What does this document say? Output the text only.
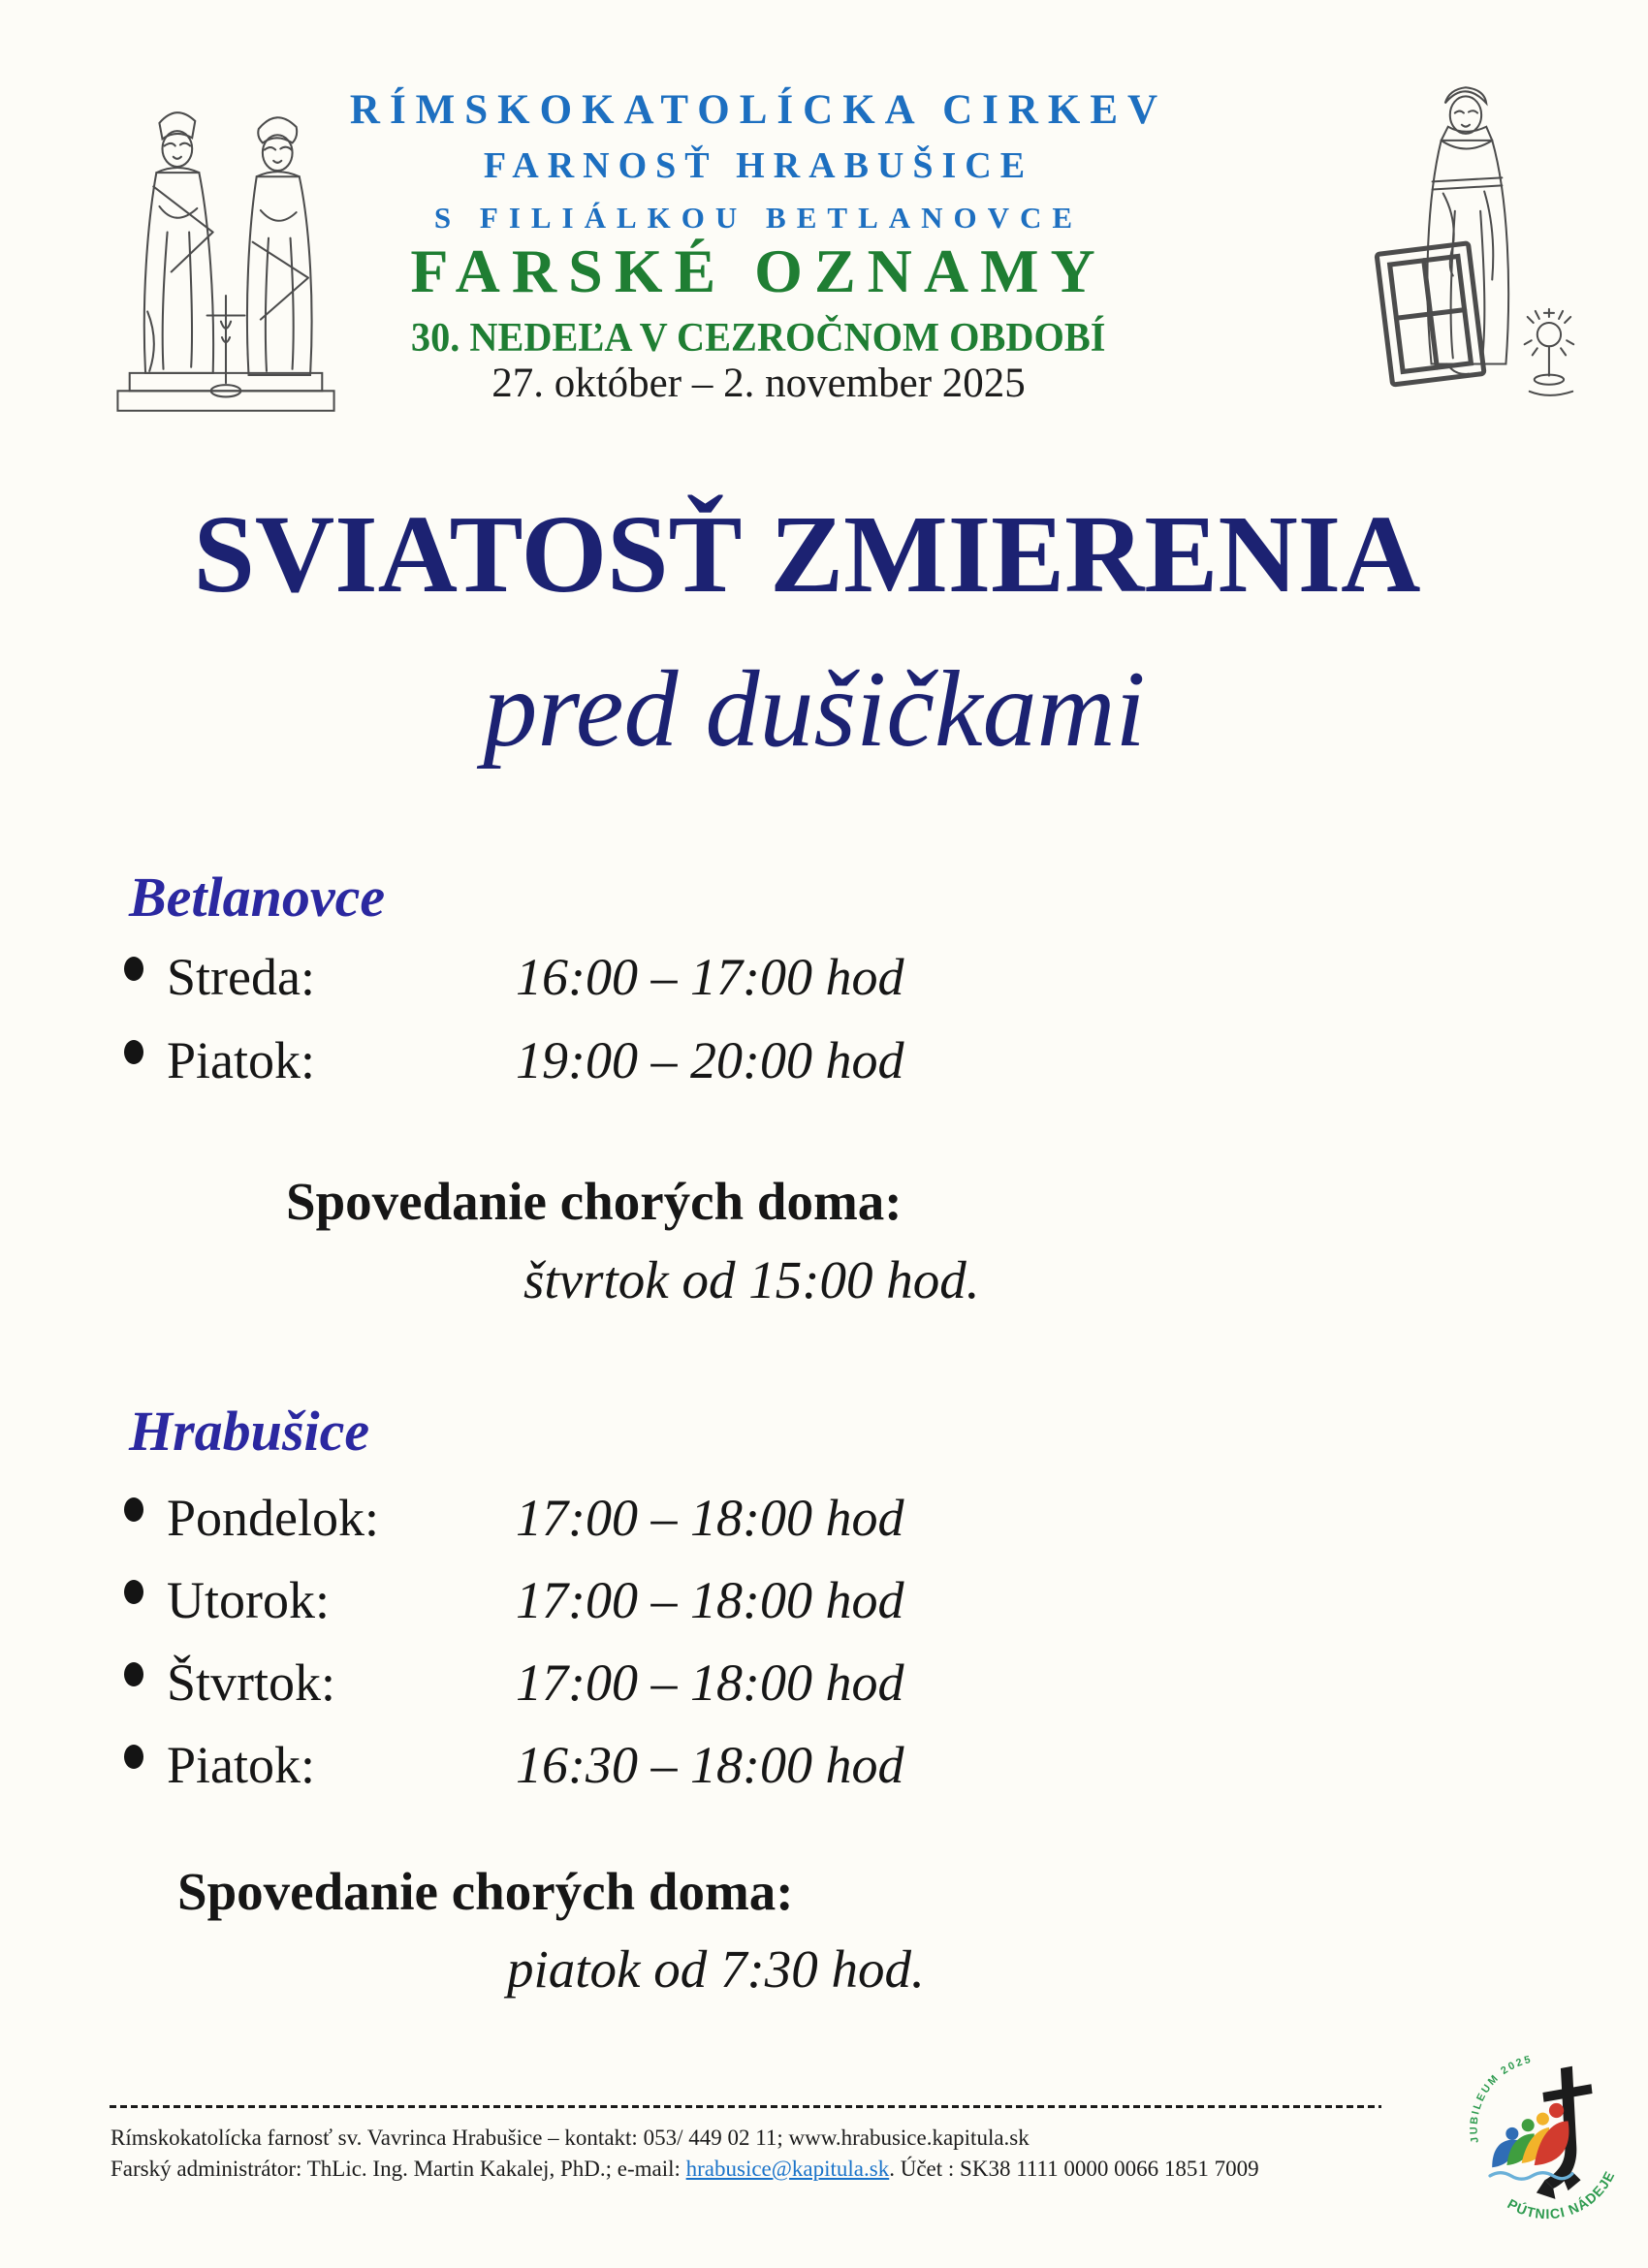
RÍMSKOKATOLÍCKA CIRKEV
FARNOSŤ HRABUŠICE
S FILIÁLKOU BETLANOVCE
FARSKÉ OZNAMY
30. NEDEĽA V CEZROČNOM OBDOBÍ
27. október – 2. november 2025
SVIATOSŤ ZMIERENIA
pred dušičkami
Betlanovce
Streda:	16:00 – 17:00 hod
Piatok:	19:00 – 20:00 hod
Spovedanie chorých doma:
štvrtok od 15:00 hod.
Hrabušice
Pondelok:	17:00 – 18:00 hod
Utorok:	17:00 – 18:00 hod
Štvrtok:	17:00 – 18:00 hod
Piatok:	16:30 – 18:00 hod
Spovedanie chorých doma:
piatok od 7:30 hod.
Rímskokatolícka farnosť sv. Vavrinca Hrabušice – kontakt: 053/ 449 02 11; www.hrabusice.kapitula.sk
Farský administrátor: ThLic. Ing. Martin Kakalej, PhD.; e-mail: hrabusice@kapitula.sk. Účet : SK38 1111 0000 0066 1851 7009
JUBILEUM 2025
PÚTNICI NÁDEJE
